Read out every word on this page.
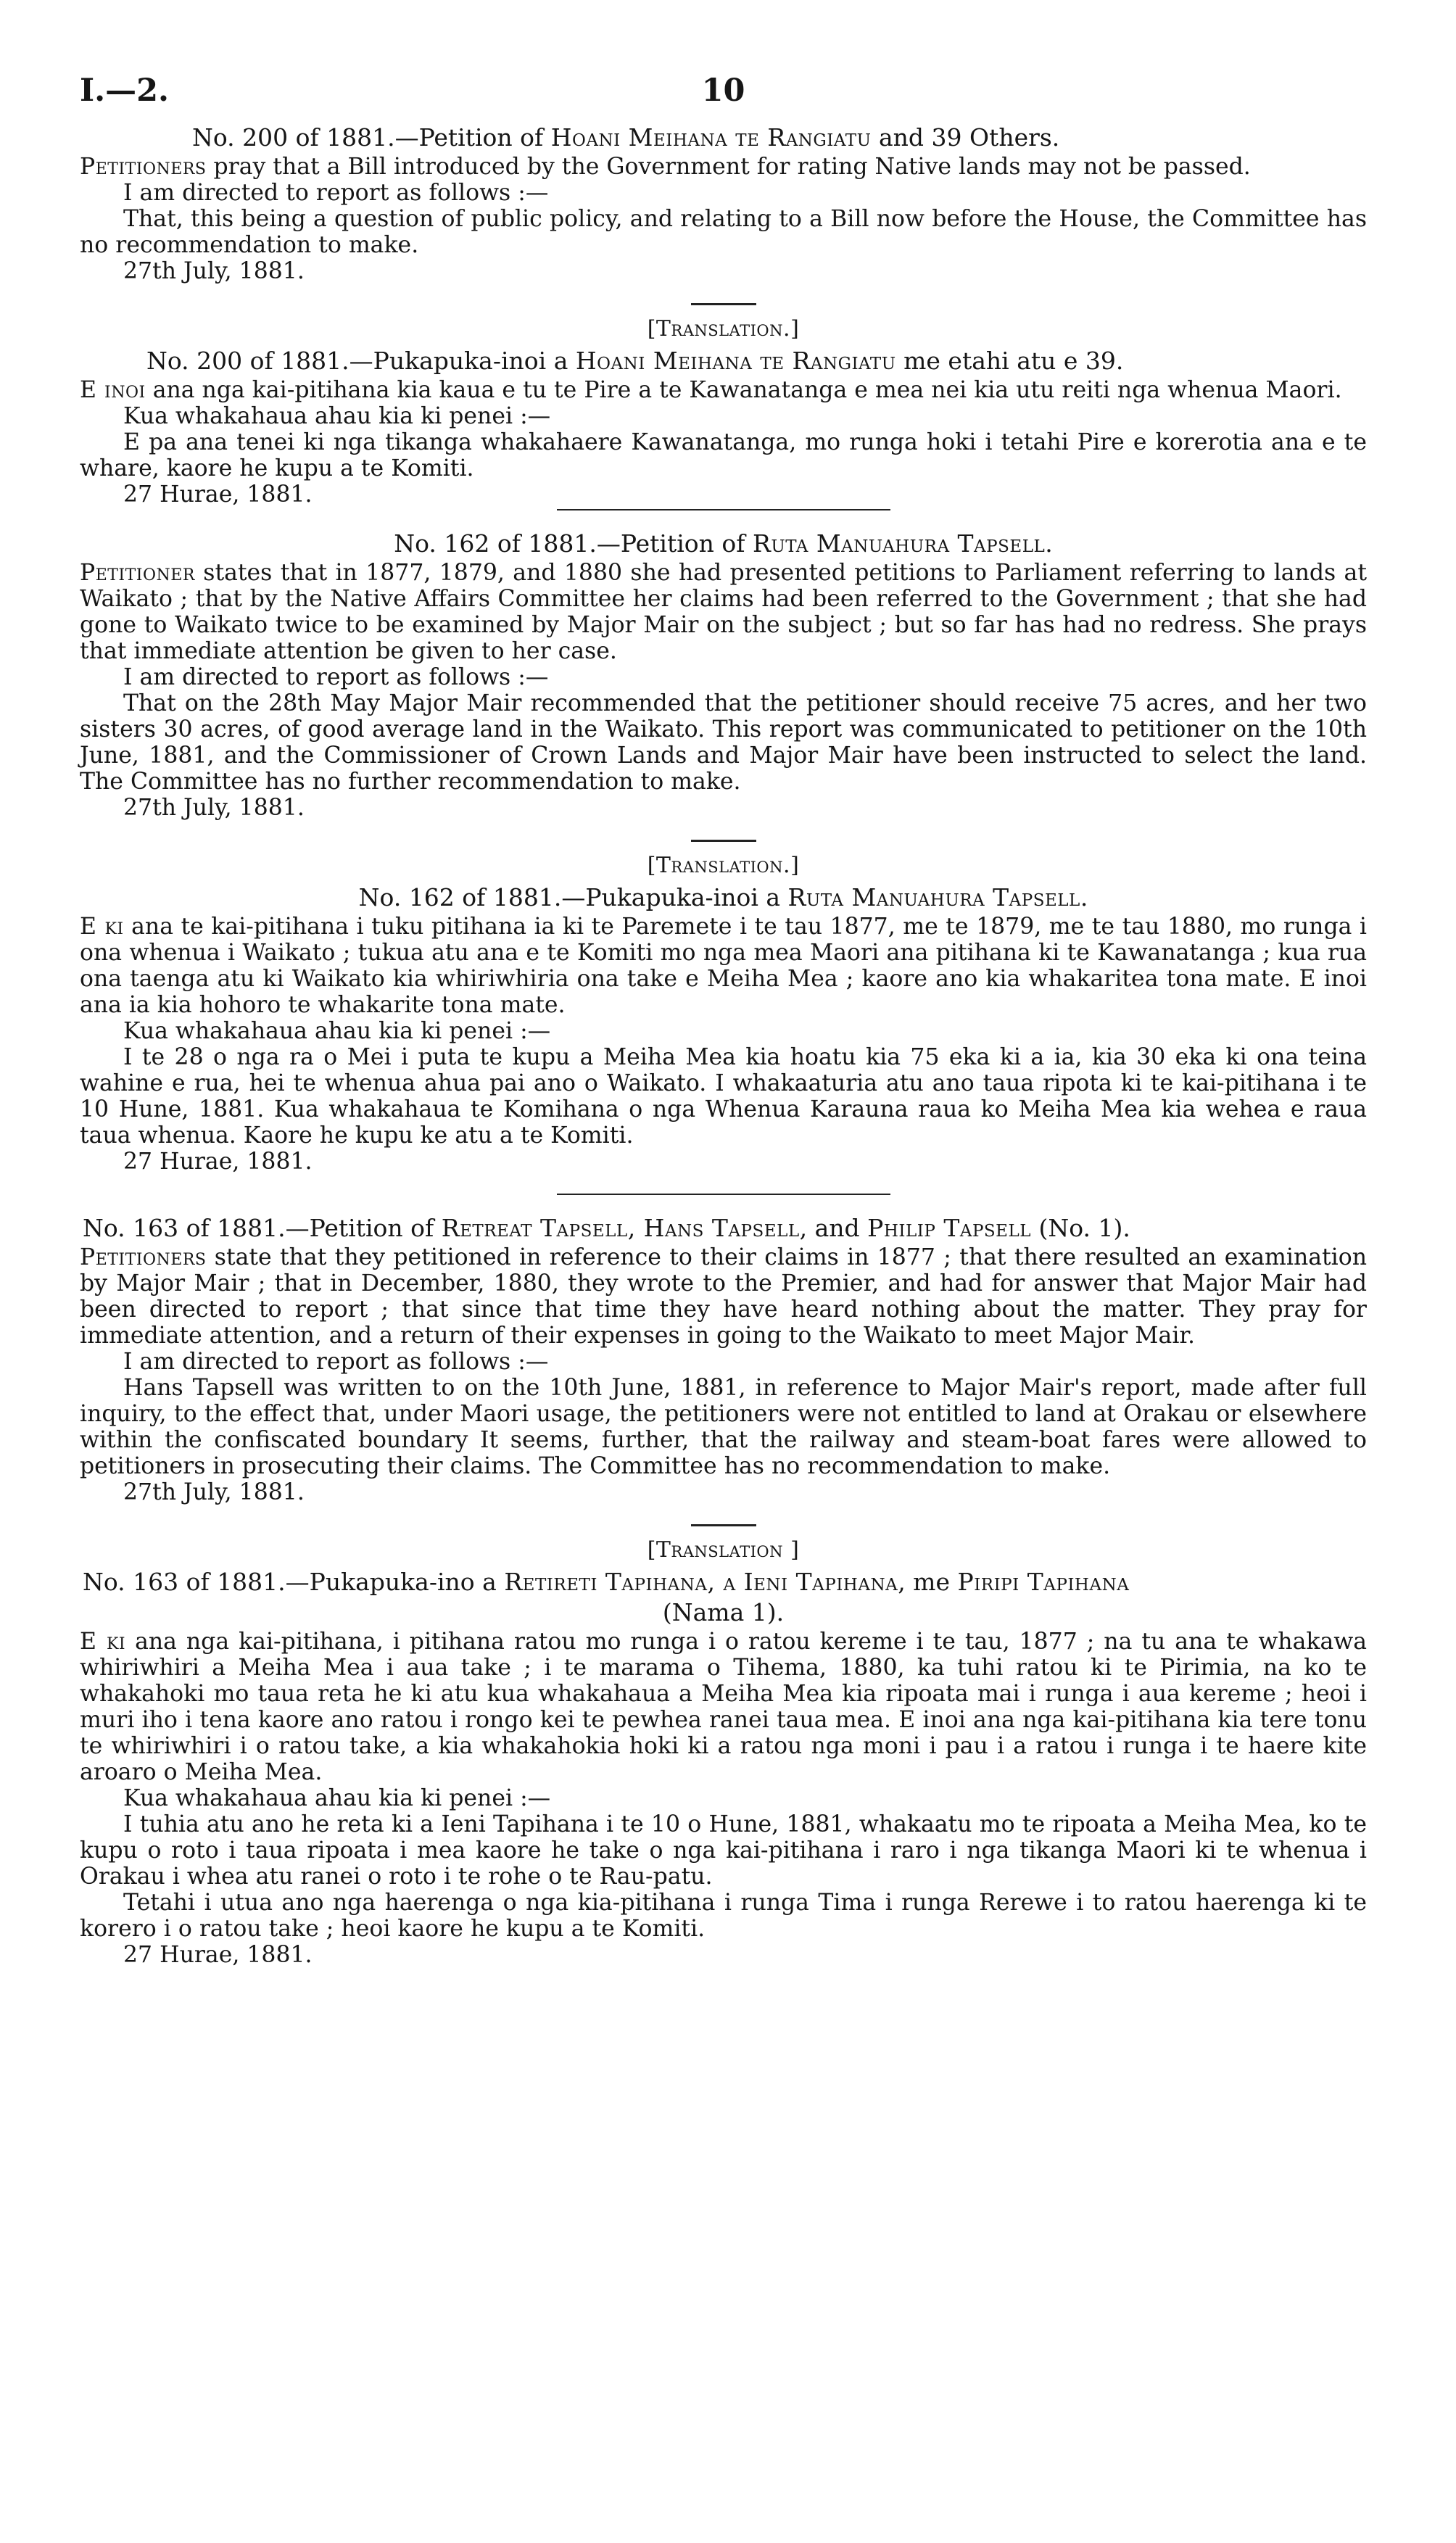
I.—2.	10
No. 200 of 1881.—Petition of Hoani Meihana te Rangiatu and 39 Others.

Petitioners pray that a Bill introduced by the Government for rating Native lands may not be passed.

I am directed to report as follows :—

That, this being a question of public policy, and relating to a Bill now before the House, the Committee has no recommendation to make.

27th July, 1881.

[Translation.]
No. 200 of 1881.—Pukapuka-inoi a Hoani Meihana te Rangiatu me etahi atu e 39.

E inoi ana nga kai-pitihana kia kaua e tu te Pire a te Kawanatanga e mea nei kia utu reiti nga whenua Maori.

Kua whakahaua ahau kia ki penei :—

E pa ana tenei ki nga tikanga whakahaere Kawanatanga, mo runga hoki i tetahi Pire e korerotia ana e te whare, kaore he kupu a te Komiti.

27 Hurae, 1881.

No. 162 of 1881.—Petition of Ruta Manuahura Tapsell.

Petitioner states that in 1877, 1879, and 1880 she had presented petitions to Parliament referring to lands at Waikato ; that by the Native Affairs Committee her claims had been referred to the Government ; that she had gone to Waikato twice to be examined by Major Mair on the subject ; but so far has had no redress. She prays that immediate attention be given to her case.

I am directed to report as follows :—

That on the 28th May Major Mair recommended that the petitioner should receive 75 acres, and her two sisters 30 acres, of good average land in the Waikato. This report was communicated to petitioner on the 10th June, 1881, and the Commissioner of Crown Lands and Major Mair have been instructed to select the land. The Committee has no further recommendation to make.

27th July, 1881.

[Translation.]
No. 162 of 1881.—Pukapuka-inoi a Ruta Manuahura Tapsell.

E ki ana te kai-pitihana i tuku pitihana ia ki te Paremete i te tau 1877, me te 1879, me te tau 1880, mo runga i ona whenua i Waikato ; tukua atu ana e te Komiti mo nga mea Maori ana pitihana ki te Kawanatanga ; kua rua ona taenga atu ki Waikato kia whiriwhiria ona take e Meiha Mea ; kaore ano kia whakaritea tona mate. E inoi ana ia kia hohoro te whakarite tona mate.

Kua whakahaua ahau kia ki penei :—

I te 28 o nga ra o Mei i puta te kupu a Meiha Mea kia hoatu kia 75 eka ki a ia, kia 30 eka ki ona teina wahine e rua, hei te whenua ahua pai ano o Waikato. I whakaaturia atu ano taua ripota ki te kai-pitihana i te 10 Hune, 1881. Kua whakahaua te Komihana o nga Whenua Karauna raua ko Meiha Mea kia wehea e raua taua whenua. Kaore he kupu ke atu a te Komiti.

27 Hurae, 1881.

No. 163 of 1881.—Petition of Retreat Tapsell, Hans Tapsell, and Philip Tapsell (No. 1).

Petitioners state that they petitioned in reference to their claims in 1877 ; that there resulted an examination by Major Mair ; that in December, 1880, they wrote to the Premier, and had for answer that Major Mair had been directed to report ; that since that time they have heard nothing about the matter. They pray for immediate attention, and a return of their expenses in going to the Waikato to meet Major Mair.

I am directed to report as follows :—

Hans Tapsell was written to on the 10th June, 1881, in reference to Major Mair's report, made after full inquiry, to the effect that, under Maori usage, the petitioners were not entitled to land at Orakau or elsewhere within the confiscated boundary It seems, further, that the railway and steam-boat fares were allowed to petitioners in prosecuting their claims. The Committee has no recommendation to make.

27th July, 1881.

[Translation ]
No. 163 of 1881.—Pukapuka-ino a Retireti Tapihana, a Ieni Tapihana, me Piripi Tapihana
(Nama 1).

E ki ana nga kai-pitihana, i pitihana ratou mo runga i o ratou kereme i te tau, 1877 ; na tu ana te whakawa whiriwhiri a Meiha Mea i aua take ; i te marama o Tihema, 1880, ka tuhi ratou ki te Pirimia, na ko te whakahoki mo taua reta he ki atu kua whakahaua a Meiha Mea kia ripoata mai i runga i aua kereme ; heoi i muri iho i tena kaore ano ratou i rongo kei te pewhea ranei taua mea. E inoi ana nga kai-pitihana kia tere tonu te whiriwhiri i o ratou take, a kia whakahokia hoki ki a ratou nga moni i pau i a ratou i runga i te haere kite aroaro o Meiha Mea.

Kua whakahaua ahau kia ki penei :—

I tuhia atu ano he reta ki a Ieni Tapihana i te 10 o Hune, 1881, whakaatu mo te ripoata a Meiha Mea, ko te kupu o roto i taua ripoata i mea kaore he take o nga kai-pitihana i raro i nga tikanga Maori ki te whenua i Orakau i whea atu ranei o roto i te rohe o te Rau-patu.

Tetahi i utua ano nga haerenga o nga kia-pitihana i runga Tima i runga Rerewe i to ratou haerenga ki te korero i o ratou take ; heoi kaore he kupu a te Komiti.

27 Hurae, 1881.
